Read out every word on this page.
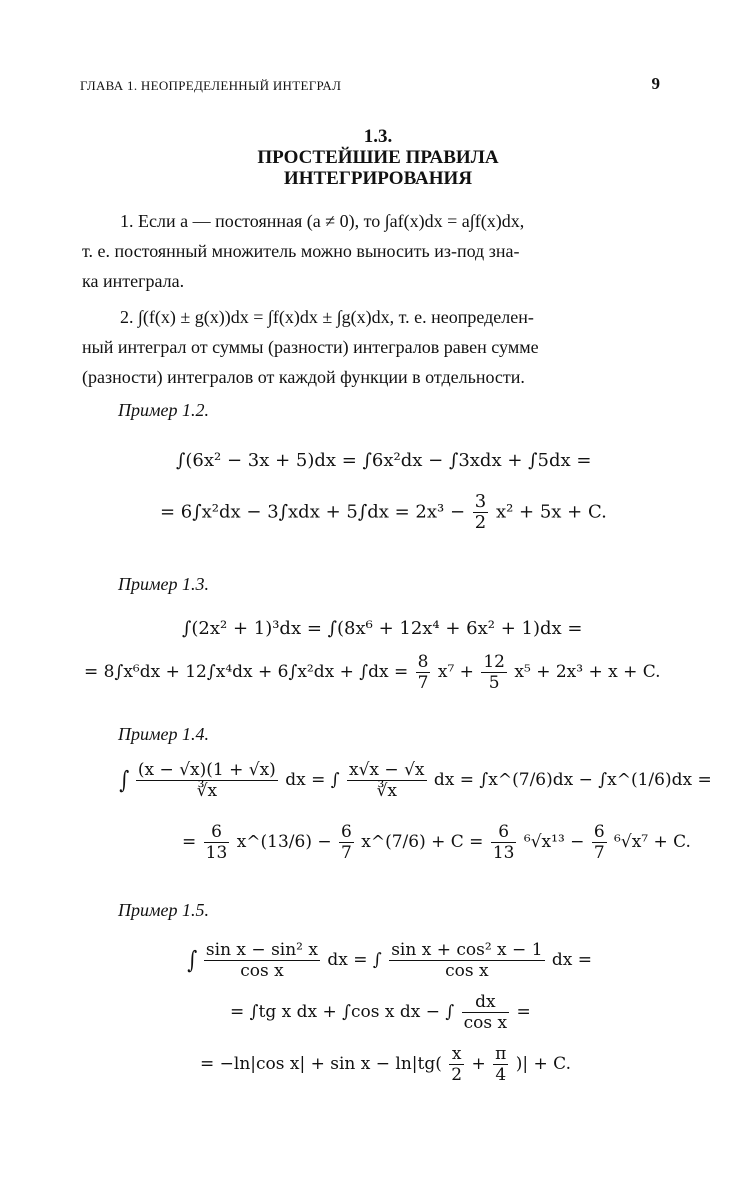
ГЛАВА 1. НЕОПРЕДЕЛЕННЫЙ ИНТЕГРАЛ	9
1.3.
ПРОСТЕЙШИЕ ПРАВИЛА
ИНТЕГРИРОВАНИЯ
1. Если a — постоянная (a ≠ 0), то ∫af(x)dx = a∫f(x)dx,
т. е. постоянный множитель можно выносить из-под зна-
ка интеграла.
2. ∫(f(x) ± g(x))dx = ∫f(x)dx ± ∫g(x)dx, т. е. неопределен-
ный интеграл от суммы (разности) интегралов равен сумме
(разности) интегралов от каждой функции в отдельности.
Пример 1.2.
∫(6x² − 3x + 5)dx = ∫6x²dx − ∫3xdx + ∫5dx =
= $6\int x^2dx - 3\int xdx + 5\int dx = 2x^3 - \frac{3}{2} x^2 + 5x + C$.
Пример 1.3.
∫(2x² + 1)³dx = ∫(8x⁶ + 12x⁴ + 6x² + 1)dx =
= $8\int x^6dx + 12\int x^4dx + 6\int x^2dx + \int dx = \frac{8}{7} x^7 + \frac{12}{5} x^5 + 2x^3 + x + C$.
Пример 1.4.
∫ $\frac{(x - √x)(1 + √x)}{∛x}$ dx = ∫ $\frac{x√x - √x}{∛x}$ dx = ∫x^(7/6)dx − ∫x^(1/6)dx =
= $\frac{6}{13}$ x^(13/6) − $\frac{6}{7}$ x^(7/6) + $C = \frac{6}{13} ^6√x^{13} - \frac{6}{7} ^6√x^7 + C$.
Пример 1.5.
∫ $\frac{\text{sin x − sin² x}}{\text{cos x}}$ dx = ∫ $\frac{\text{sin x + cos² x − 1}}{\text{cos x}}$ dx =
= ∫tg x dx + ∫cos x dx − ∫ $\frac{dx}{\text{cos x}}$ =
= −ln|cos $x| + \sin x - \ln|tg( \frac{x}{2} + \frac{\pi}{4}$ )| + C.
